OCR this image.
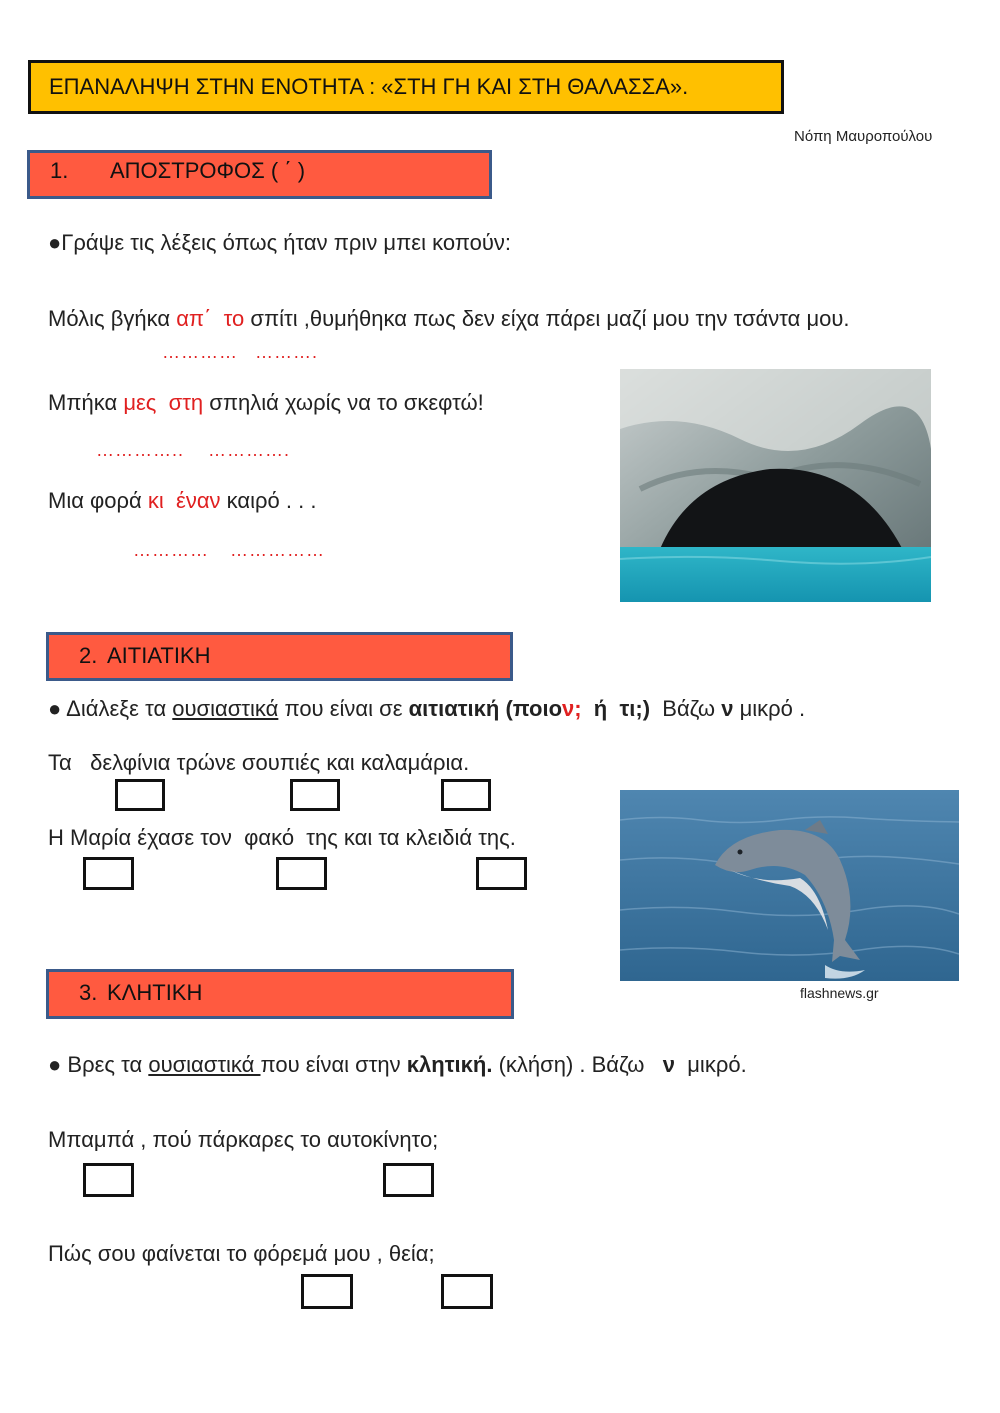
ΕΠΑΝΑΛΗΨΗ ΣΤΗΝ ΕΝΟΤΗΤΑ : «ΣΤΗ ΓΗ ΚΑΙ ΣΤΗ ΘΑΛΑΣΣΑ».
Νόπη Μαυροπούλου
1. ΑΠΟΣΤΡΟΦΟΣ ( ΄ )
●Γράψε τις λέξεις όπως ήταν πριν μπει κοπούν:
Μόλις βγήκα απ΄ το σπίτι ,θυμήθηκα πως δεν είχα πάρει μαζί μου την τσάντα μου.
………… ……….
Μπήκα μες στη σπηλιά χωρίς να το σκεφτώ!
………….. ………….
Μια φορά κι έναν καιρό . . .
………… ……………
2. ΑΙΤΙΑΤΙΚΗ
● Διάλεξε τα ουσιαστικά που είναι σε αιτιατική (ποιον;  ή  τι;)  Βάζω ν μικρό .
Τα   δελφίνια τρώνε σουπιές και καλαμάρια.
Η Μαρία έχασε τον  φακό  της και τα κλειδιά της.
flashnews.gr
3. ΚΛΗΤΙΚΗ
● Βρες τα ουσιαστικά που είναι στην κλητική. (κλήση) . Βάζω   ν  μικρό.
Μπαμπά , πού πάρκαρες το αυτοκίνητο;
Πώς σου φαίνεται το φόρεμά μου , θεία;
